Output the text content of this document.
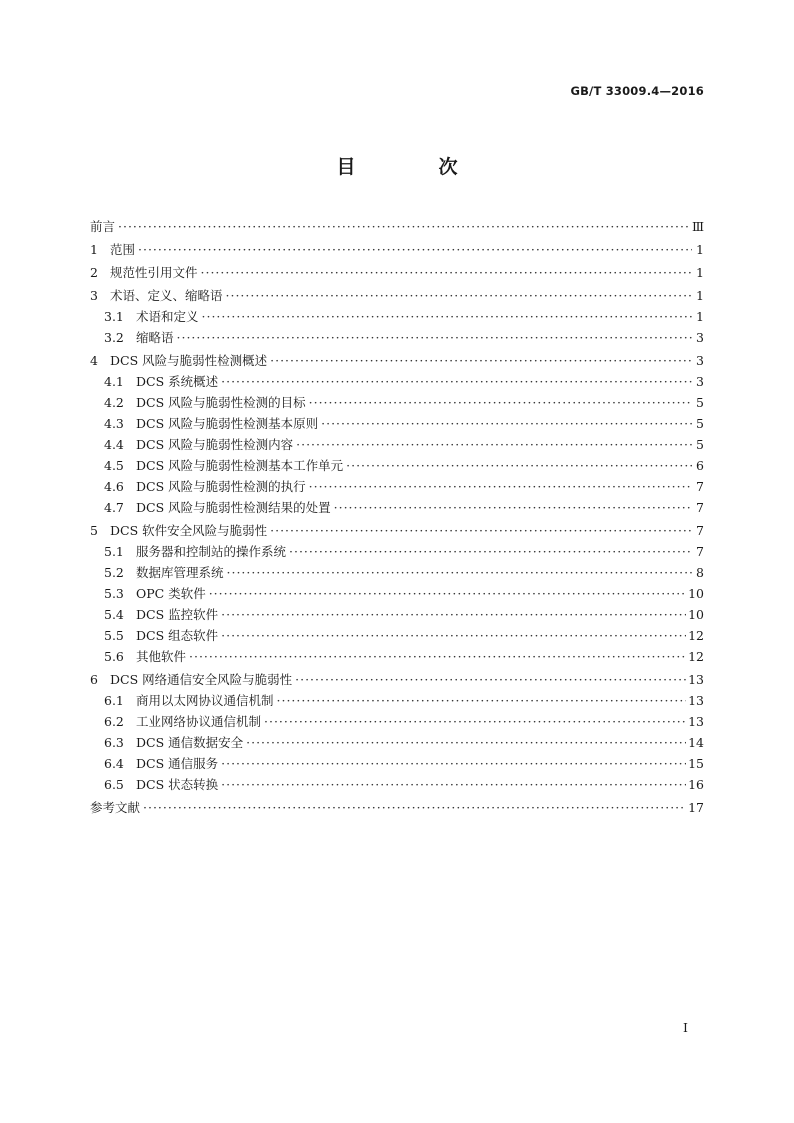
GB/T 33009.4—2016
目　次
前言 ·····	Ⅲ
1 范围 ·····	1
2 规范性引用文件 ·····	1
3 术语、定义、缩略语 ·····	1
3.1 术语和定义 ·····	1
3.2 缩略语 ·····	3
4 DCS 风险与脆弱性检测概述 ·····	3
4.1 DCS 系统概述 ·····	3
4.2 DCS 风险与脆弱性检测的目标 ·····	5
4.3 DCS 风险与脆弱性检测基本原则 ·····	5
4.4 DCS 风险与脆弱性检测内容 ·····	5
4.5 DCS 风险与脆弱性检测基本工作单元 ·····	6
4.6 DCS 风险与脆弱性检测的执行 ·····	7
4.7 DCS 风险与脆弱性检测结果的处置 ·····	7
5 DCS 软件安全风险与脆弱性 ·····	7
5.1 服务器和控制站的操作系统 ·····	7
5.2 数据库管理系统 ·····	8
5.3 OPC 类软件 ·····	10
5.4 DCS 监控软件 ·····	10
5.5 DCS 组态软件 ·····	12
5.6 其他软件 ·····	12
6 DCS 网络通信安全风险与脆弱性 ·····	13
6.1 商用以太网协议通信机制 ·····	13
6.2 工业网络协议通信机制 ·····	13
6.3 DCS 通信数据安全 ·····	14
6.4 DCS 通信服务 ·····	15
6.5 DCS 状态转换 ·····	16
参考文献 ·····	17
Ⅰ
